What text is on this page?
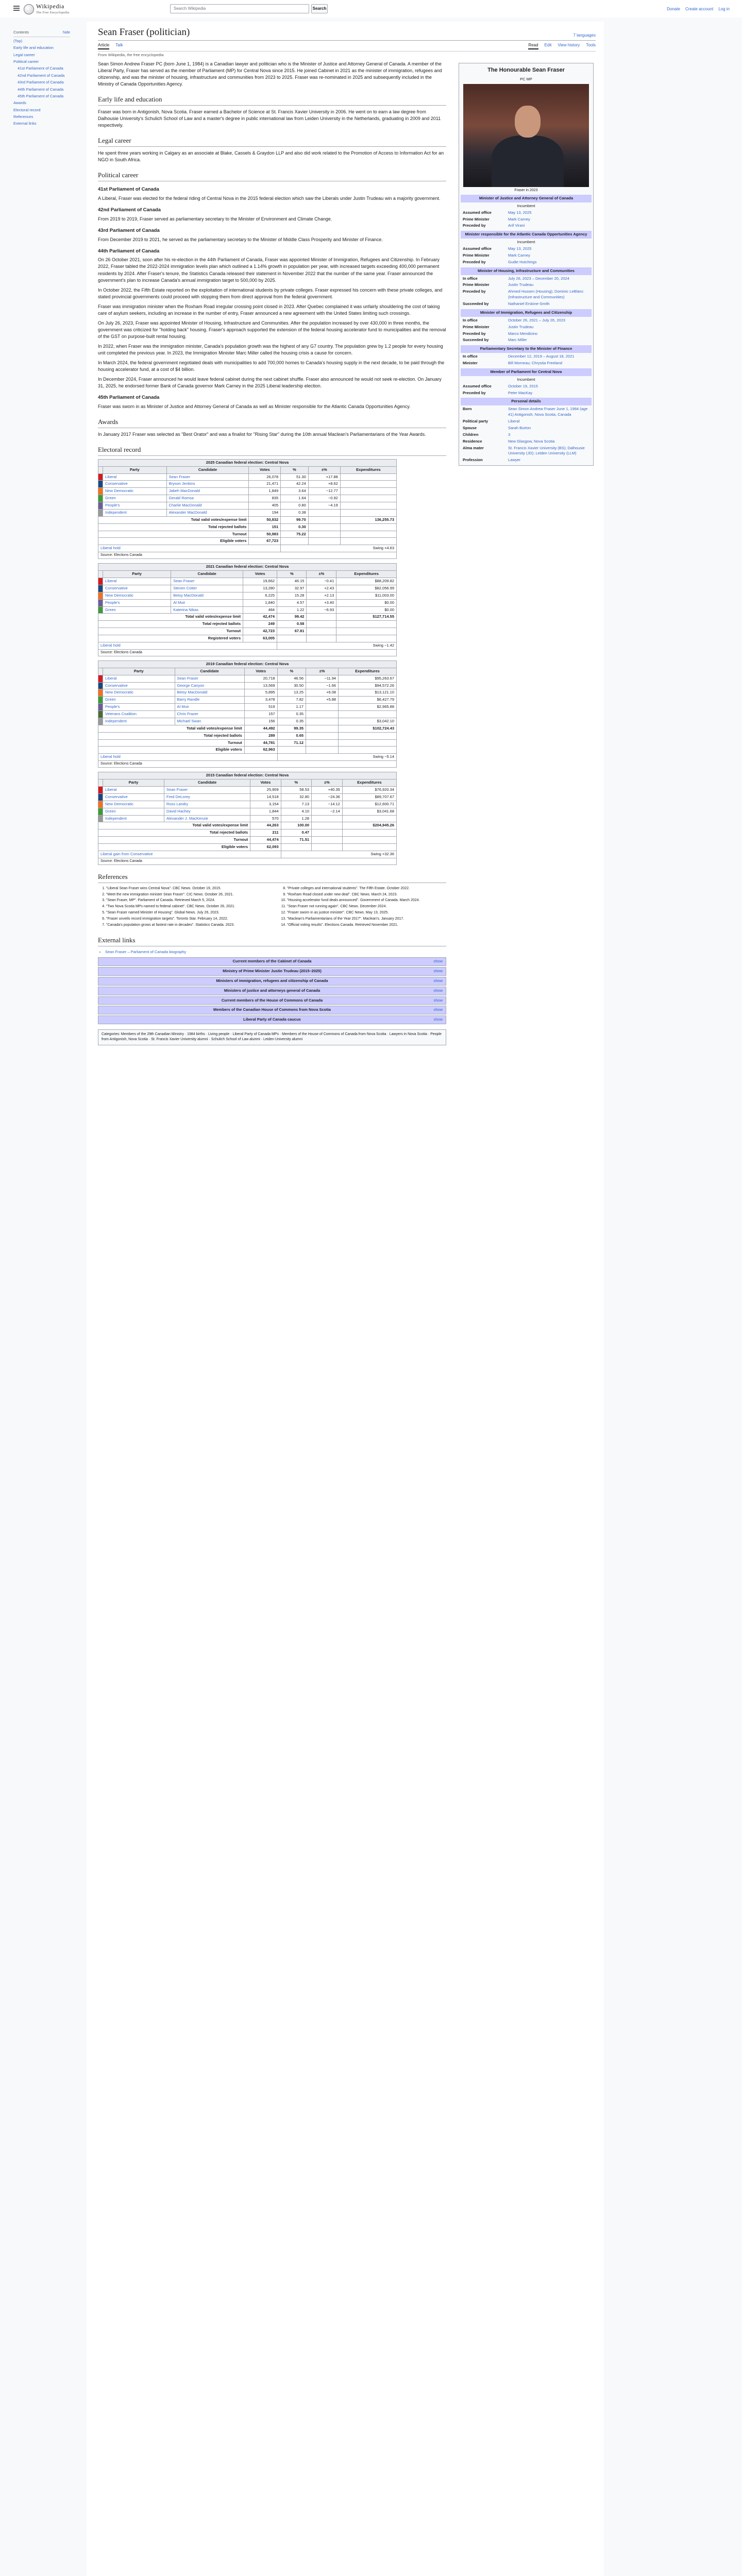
Wikipedia
The Free Encyclopedia
Search Wikipedia	Search	Donate Create account Log in
Contents	hide
(Top)
Early life and education
Legal career
Political career
41st Parliament of Canada
42nd Parliament of Canada
43rd Parliament of Canada
44th Parliament of Canada
45th Parliament of Canada
Awards
Electoral record
References
External links
Sean Fraser (politician)	7 languages
Article Talk	Read Edit View history Tools
From Wikipedia, the free encyclopedia

Sean Simon Andrew Fraser PC (born June 1, 1984) is a Canadian lawyer and politician who is the Minister of Justice and Attorney General of Canada. A member of the Liberal Party, Fraser has served as the member of Parliament (MP) for Central Nova since 2015. He joined Cabinet in 2021 as the minister of immigration, refugees and citizenship, and was the minister of housing, infrastructure and communities from 2023 to 2025. Fraser was re-nominated in 2025 and subsequently included in the Ministry of Canada Opportunities Agency.

Early life and education

Fraser was born in Antigonish, Nova Scotia. Fraser earned a Bachelor of Science at St. Francis Xavier University in 2006. He went on to earn a law degree from Dalhousie University's Schulich School of Law and a master's degree in public international law from Leiden University in the Netherlands, graduating in 2009 and 2011 respectively.

Legal career

He spent three years working in Calgary as an associate at Blake, Cassels & Graydon LLP and also did work related to the Promotion of Access to Information Act for an NGO in South Africa.

Political career
41st Parliament of Canada

A Liberal, Fraser was elected for the federal riding of Central Nova in the 2015 federal election which saw the Liberals under Justin Trudeau win a majority government.

42nd Parliament of Canada

From 2019 to 2019, Fraser served as parliamentary secretary to the Minister of Environment and Climate Change.

43rd Parliament of Canada

From December 2019 to 2021, he served as the parliamentary secretary to the Minister of Middle Class Prosperity and Minister of Finance.

44th Parliament of Canada

On 26 October 2021, soon after his re-election in the 44th Parliament of Canada, Fraser was appointed Minister of Immigration, Refugees and Citizenship. In February 2022, Fraser tabled the 2022-2024 immigration levels plan which outlined a 1.14% growth in population per year, with increased targets exceeding 400,000 permanent residents by 2024. After Fraser's tenure, the Statistics Canada released their statement in November 2022 that the number of the same year. Fraser announced the government's plan to increase Canada's annual immigration target to 500,000 by 2025.

In October 2022, the Fifth Estate reported on the exploitation of international students by private colleges. Fraser expressed his concern with these private colleges, and stated provincial governments could proceed with stopping them from direct approval from the federal government.

Fraser was immigration minister when the Roxham Road irregular crossing point closed in 2023. After Quebec complained it was unfairly shouldering the cost of taking care of asylum seekers, including an increase in the number of entry, Fraser announced a new agreement with the United States limiting such crossings.

On July 26, 2023, Fraser was appointed Minister of Housing, Infrastructure and Communities. After the population increased by over 430,000 in three months, the government was criticized for "holding back" housing. Fraser's approach supported the extension of the federal housing accelerator fund to municipalities and the removal of the GST on purpose-built rental housing.

In 2022, when Fraser was the immigration minister, Canada's population growth was the highest of any G7 country. The population grew by 1.2 people for every housing unit completed the previous year. In 2023, the Immigration Minister Marc Miller called the housing crisis a cause for concern.

In March 2024, the federal government negotiated deals with municipalities to add 700,000 homes to Canada's housing supply in the next decade, to be paid through the housing accelerator fund, at a cost of $4 billion.

In December 2024, Fraser announced he would leave federal cabinet during the next cabinet shuffle. Fraser also announced he would not seek re-election. On January 31, 2025, he endorsed former Bank of Canada governor Mark Carney in the 2025 Liberal leadership election.

45th Parliament of Canada

Fraser was sworn in as Minister of Justice and Attorney General of Canada as well as Minister responsible for the Atlantic Canada Opportunities Agency.

Awards

In January 2017 Fraser was selected as "Best Orator" and was a finalist for "Rising Star" during the 10th annual Maclean's Parliamentarians of the Year Awards.

Electoral record
2025 Canadian federal election: Central Nova						
	Party	Candidate	Votes	%	±%	Expenditures
	Liberal	Sean Fraser	26,078	51.30	+17.88	
	Conservative	Bryson Jenkins	21,471	42.24	+8.62	
	New Democratic	Jabeh MacDonald	1,849	3.64	−12.77	
	Green	Gerald Romsa	835	1.64	−0.92	
	People's	Charlie MacDonald	405	0.80	−4.19	
	Independent	Alexander MacDonald	194	0.38		
Total valid votes/expense limit			50,832	99.70		136,255.73
Total rejected ballots			151	0.30		
Turnout			50,983	75.22		
Eligible voters			67,723			
Liberal hold				Swing +4.63		
Source: Elections Canada						
2021 Canadian federal election: Central Nova						
	Party	Candidate	Votes	%	±%	Expenditures
	Liberal	Sean Fraser	19,662	46.15	−0.41	$88,209.82
	Conservative	Steven Cotter	13,280	32.97	+2.43	$82,056.99
	New Democratic	Betsy MacDonald	6,225	15.28	+2.13	$11,003.00
	People's	Al Muir	1,840	4.57	+3.40	$0.00
	Green	Katerina Nikas	484	1.22	−6.93	$0.00
Total valid votes/expense limit			42,474	99.42		$127,714.55
Total rejected ballots			249	0.58		
Turnout			42,723	67.81		
Registered voters			63,005			
Liberal hold				Swing −1.42		
Source: Elections Canada						
2019 Canadian federal election: Central Nova						
	Party	Candidate	Votes	%	±%	Expenditures
	Liberal	Sean Fraser	20,718	46.56	−11.94	$95,263.67
	Conservative	George Canyon	13,569	30.50	−1.66	$94,572.26
	New Democratic	Betsy MacDonald	5,895	13.25	+6.08	$13,121.10
	Green	Barry Randle	3,478	7.82	+5.88	$6,427.79
	People's	Al Muir	519	1.17		$2,965.88
	Veterans Coalition	Chris Frazer	157	0.35		
	Independent	Michael Swan	156	0.35		$3,042.10
Total valid votes/expense limit			44,492	99.35		$102,724.43
Total rejected ballots			289	0.65		
Turnout			44,781	71.12		
Eligible voters			62,963			
Liberal hold				Swing −5.14		
Source: Elections Canada						
2015 Canadian federal election: Central Nova						
	Party	Candidate	Votes	%	±%	Expenditures
	Liberal	Sean Fraser	25,909	58.53	+40.35	$76,920.34
	Conservative	Fred DeLorey	14,518	32.80	−24.36	$89,707.67
	New Democratic	Ross Landry	3,154	7.13	−14.12	$12,600.71
	Green	David Hachey	1,844	4.10	−2.14	$3,041.68
	Independent	Alexander J. MacKenzie	570	1.28		
Total valid votes/expense limit			44,263	100.00		$204,945.26
Total rejected ballots			211	0.47		
Turnout			44,474	71.51		
Eligible voters			62,093			
Liberal gain from Conservative				Swing +32.36		
Source: Elections Canada						
References
1. "Liberal Sean Fraser wins Central Nova". CBC News. October 19, 2015.
2. "Meet the new immigration minister Sean Fraser". CIC News. October 26, 2021.
3. "Sean Fraser, MP". Parliament of Canada. Retrieved March 5, 2024.
4. "Two Nova Scotia MPs named to federal cabinet". CBC News. October 26, 2021.
5. "Sean Fraser named Minister of Housing". Global News. July 26, 2023.
6. "Fraser unveils record immigration targets". Toronto Star. February 14, 2022.
7. "Canada's population grows at fastest rate in decades". Statistics Canada. 2023.
8. "Private colleges and international students". The Fifth Estate. October 2022.
9. "Roxham Road closed under new deal". CBC News. March 24, 2023.
10. "Housing accelerator fund deals announced". Government of Canada. March 2024.
11. "Sean Fraser not running again". CBC News. December 2024.
12. "Fraser sworn in as justice minister". CBC News. May 13, 2025.
13. "Maclean's Parliamentarians of the Year 2017". Maclean's. January 2017.
14. "Official voting results". Elections Canada. Retrieved November 2021.
External links
• Sean Fraser – Parliament of Canada biography
Current members of the Cabinet of Canada	show
Ministry of Prime Minister Justin Trudeau (2015–2025)	show
Ministers of immigration, refugees and citizenship of Canada	show
Ministers of justice and attorneys general of Canada	show
Current members of the House of Commons of Canada	show
Members of the Canadian House of Commons from Nova Scotia	show
Liberal Party of Canada caucus	show
Categories: Members of the 29th Canadian Ministry · 1984 births · Living people · Liberal Party of Canada MPs · Members of the House of Commons of Canada from Nova Scotia · Lawyers in Nova Scotia · People from Antigonish, Nova Scotia · St. Francis Xavier University alumni · Schulich School of Law alumni · Leiden University alumni
The Honourable Sean Fraser
PC MP
Fraser in 2023
Minister of Justice and Attorney General of Canada
Incumbent
Assumed office	May 13, 2025
Prime Minister	Mark Carney
Preceded by	Arif Virani
Minister responsible for the Atlantic Canada Opportunities Agency
Incumbent
Assumed office	May 13, 2025
Prime Minister	Mark Carney
Preceded by	Gudie Hutchings
Minister of Housing, Infrastructure and Communities
In office	July 26, 2023 – December 20, 2024
Prime Minister	Justin Trudeau
Preceded by	Ahmed Hussen (Housing); Dominic LeBlanc (Infrastructure and Communities)
Succeeded by	Nathaniel Erskine-Smith
Minister of Immigration, Refugees and Citizenship
In office	October 26, 2021 – July 26, 2023
Prime Minister	Justin Trudeau
Preceded by	Marco Mendicino
Succeeded by	Marc Miller
Parliamentary Secretary to the Minister of Finance
In office	December 12, 2019 – August 18, 2021
Minister	Bill Morneau; Chrystia Freeland
Member of Parliament for Central Nova
Incumbent
Assumed office	October 19, 2015
Preceded by	Peter MacKay
Personal details
Born	Sean Simon Andrew Fraser June 1, 1984 (age 41) Antigonish, Nova Scotia, Canada
Political party	Liberal
Spouse	Sarah Burton
Children	3
Residence	New Glasgow, Nova Scotia
Alma mater	St. Francis Xavier University (BS); Dalhousie University (JD); Leiden University (LLM)
Profession	Lawyer
